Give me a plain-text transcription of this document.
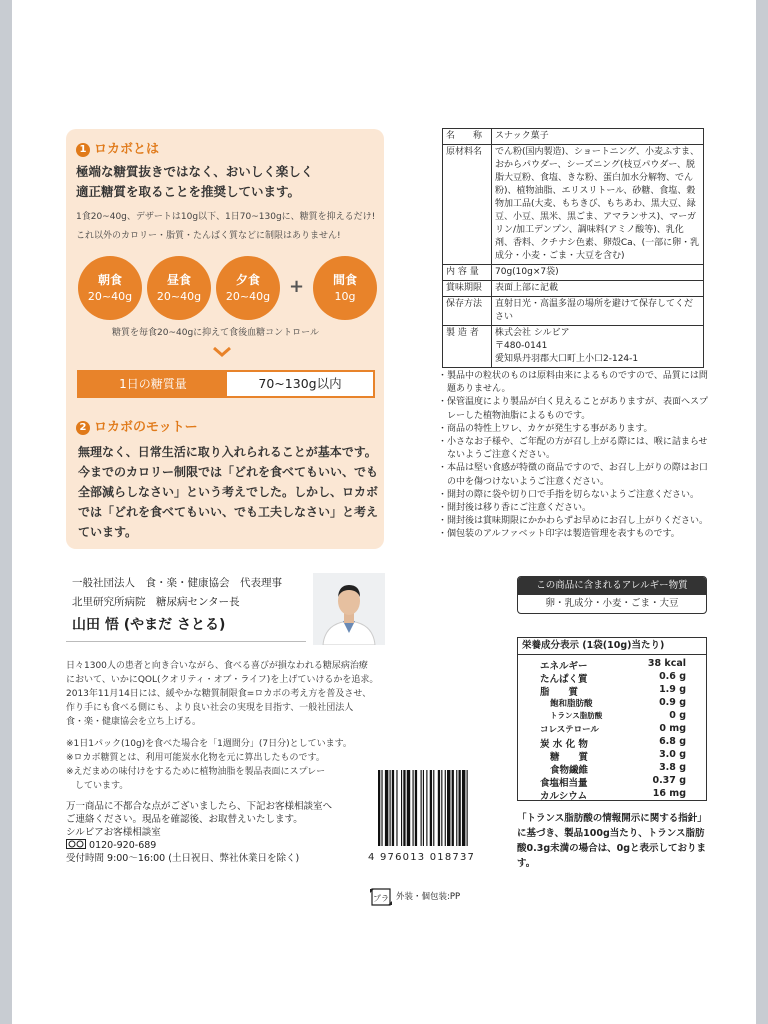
1 ロカボとは
極端な糖質抜きではなく、おいしく楽しく
適正糖質を取ることを推奨しています。
1食20~40g、デザートは10g以下、1日70~130gに、糖質を抑えるだけ!
これ以外のカロリー・脂質・たんぱく質などに制限はありません!
朝食
20~40g
昼食
20~40g
夕食
20~40g	+	間食
10g
糖質を毎食20~40gに抑えて食後血糖コントロール
1日の糖質量	70~130g以内
2 ロカボのモットー
無理なく、日常生活に取り入れられることが基本です。今までのカロリー制限では「どれを食べてもいい、でも全部減らしなさい」という考えでした。しかし、ロカボでは「どれを食べてもいい、でも工夫しなさい」と考えています。
一般社団法人　食・楽・健康協会　代表理事
北里研究所病院　糖尿病センター長
山田 悟 (やまだ さとる)
日々1300人の患者と向き合いながら、食べる喜びが損なわれる糖尿病治療
において、いかにQOL(クオリティ・オブ・ライフ)を上げていけるかを追求。
2013年11月14日には、緩やかな糖質制限食=ロカボの考え方を普及させ、
作り手にも食べる側にも、より良い社会の実現を目指す、一般社団法人
食・楽・健康協会を立ち上げる。
※1日1パック(10g)を食べた場合を「1週間分」(7日分)としています。
※ロカボ糖質とは、利用可能炭水化物を元に算出したものです。
※えだまめの味付けをするために植物油脂を製品表面にスプレー
　しています。
万一商品に不都合な点がございましたら、下記お客様相談室へ
ご連絡ください。現品を確認後、お取替えいたします。
シルビアお客様相談室
0120-920-689
受付時間 9:00～16:00 (土日祝日、弊社休業日を除く)
名　　称	スナック菓子
原材料名	でん粉(国内製造)、ショートニング、小麦ふすま、おからパウダー、シーズニング(枝豆パウダー、脱脂大豆粉、食塩、きな粉、蛋白加水分解物、でん粉)、植物油脂、エリスリトール、砂糖、食塩、穀物加工品(大麦、もちきび、もちあわ、黒大豆、緑豆、小豆、黒米、黒ごま、アマランサス)、マーガリン/加工デンプン、調味料(アミノ酸等)、乳化剤、香料、クチナシ色素、卵殻Ca、(一部に卵・乳成分・小麦・ごま・大豆を含む)
内 容 量	70g(10g×7袋)
賞味期限	表面上部に記載
保存方法	直射日光・高温多湿の場所を避けて保存してください
製 造 者	株式会社 シルビア
〒480-0141
愛知県丹羽郡大口町上小口2-124-1

・製品中の粒状のものは原料由来によるものですので、品質には問題ありません。

・保管温度により製品が白く見えることがありますが、表面へスプレーした植物油脂によるものです。

・商品の特性上ワレ、カケが発生する事があります。

・小さなお子様や、ご年配の方が召し上がる際には、喉に詰まらせないようご注意ください。

・本品は堅い食感が特徴の商品ですので、お召し上がりの際はお口の中を傷つけないようご注意ください。

・開封の際に袋や切り口で手指を切らないようご注意ください。

・開封後は移り香にご注意ください。

・開封後は賞味期限にかかわらずお早めにお召し上がりください。

・個包装のアルファベット印字は製造管理を表すものです。

この商品に含まれるアレルギー物質
卵・乳成分・小麦・ごま・大豆
栄養成分表示 (1袋(10g)当たり)
エネルギー	38 kcal
たんぱく質	0.6 g
脂　　質	1.9 g
飽和脂肪酸	0.9 g
トランス脂肪酸	0 g
コレステロール	0 mg
炭 水 化 物	6.8 g
糖　　質	3.0 g
食物繊維	3.8 g
食塩相当量	0.37 g
カルシウム	16 mg
「トランス脂肪酸の情報開示に関する指針」に基づき、製品100g当たり、トランス脂肪酸0.3g未満の場合は、0gと表示しております。
4 976013 018737
プラ 外装・個包装:PP
